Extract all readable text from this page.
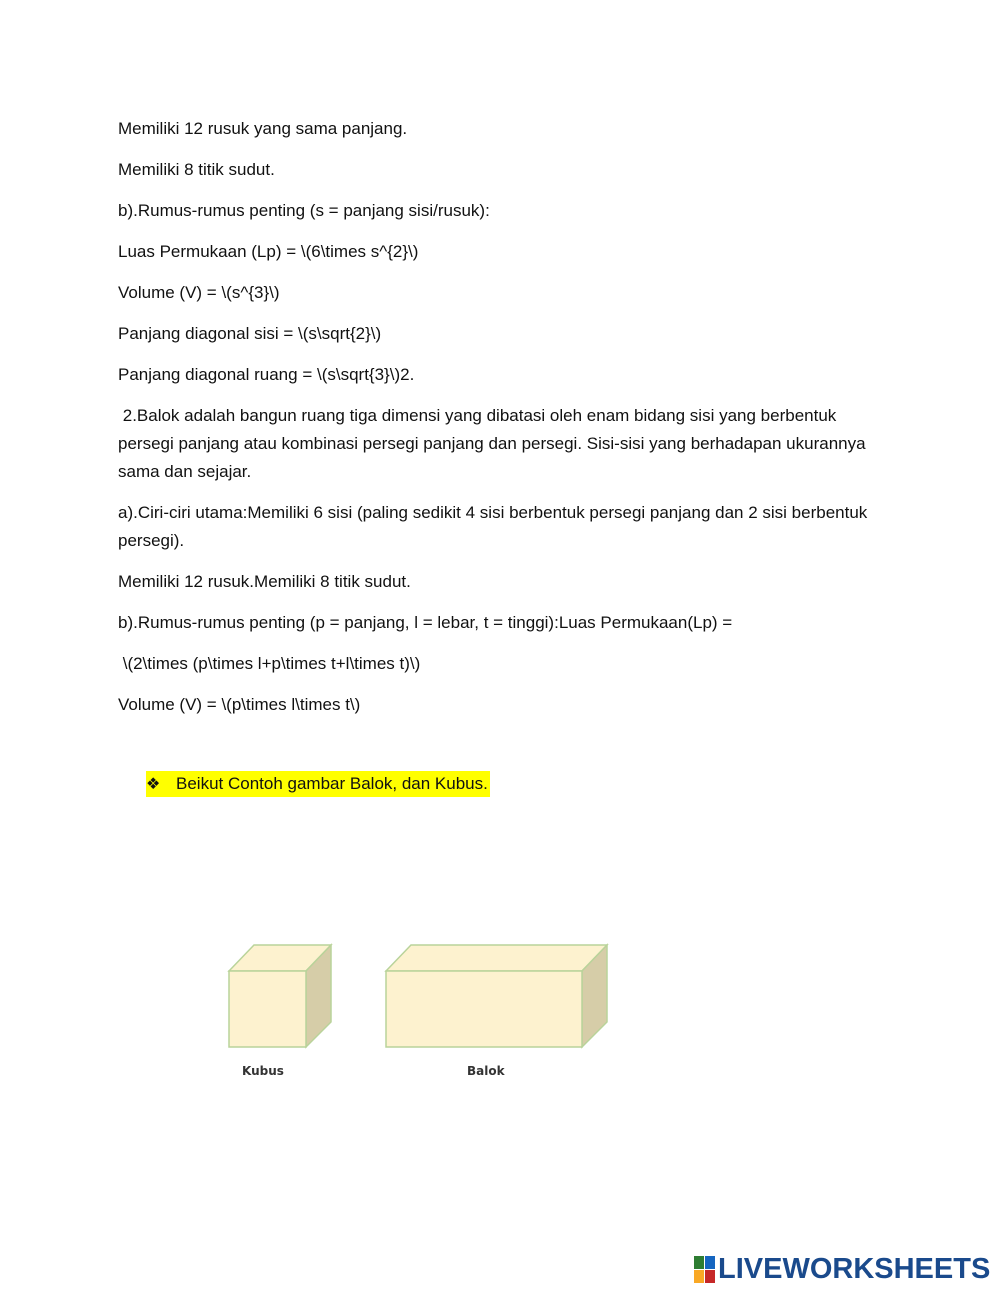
Memiliki 12 rusuk yang sama panjang.

Memiliki 8 titik sudut.

b).Rumus-rumus penting (s = panjang sisi/rusuk):

Luas Permukaan (Lp) = \(6\times s^{2}\)

Volume (V) = \(s^{3}\)

Panjang diagonal sisi = \(s\sqrt{2}\)

Panjang diagonal ruang = \(s\sqrt{3}\)2.

2.Balok adalah bangun ruang tiga dimensi yang dibatasi oleh enam bidang sisi yang berbentuk persegi panjang atau kombinasi persegi panjang dan persegi. Sisi-sisi yang berhadapan ukurannya sama dan sejajar.

a).Ciri-ciri utama:Memiliki 6 sisi (paling sedikit 4 sisi berbentuk persegi panjang dan 2 sisi berbentuk persegi).

Memiliki 12 rusuk.Memiliki 8 titik sudut.

b).Rumus-rumus penting (p = panjang, l = lebar, t = tinggi):Luas Permukaan(Lp) =

\(2\times (p\times l+p\times t+l\times t)\)

Volume (V) = \(p\times l\times t\)

❖ Beikut Contoh gambar Balok, dan Kubus.
Kubus	Balok
LIVEWORKSHEETS
